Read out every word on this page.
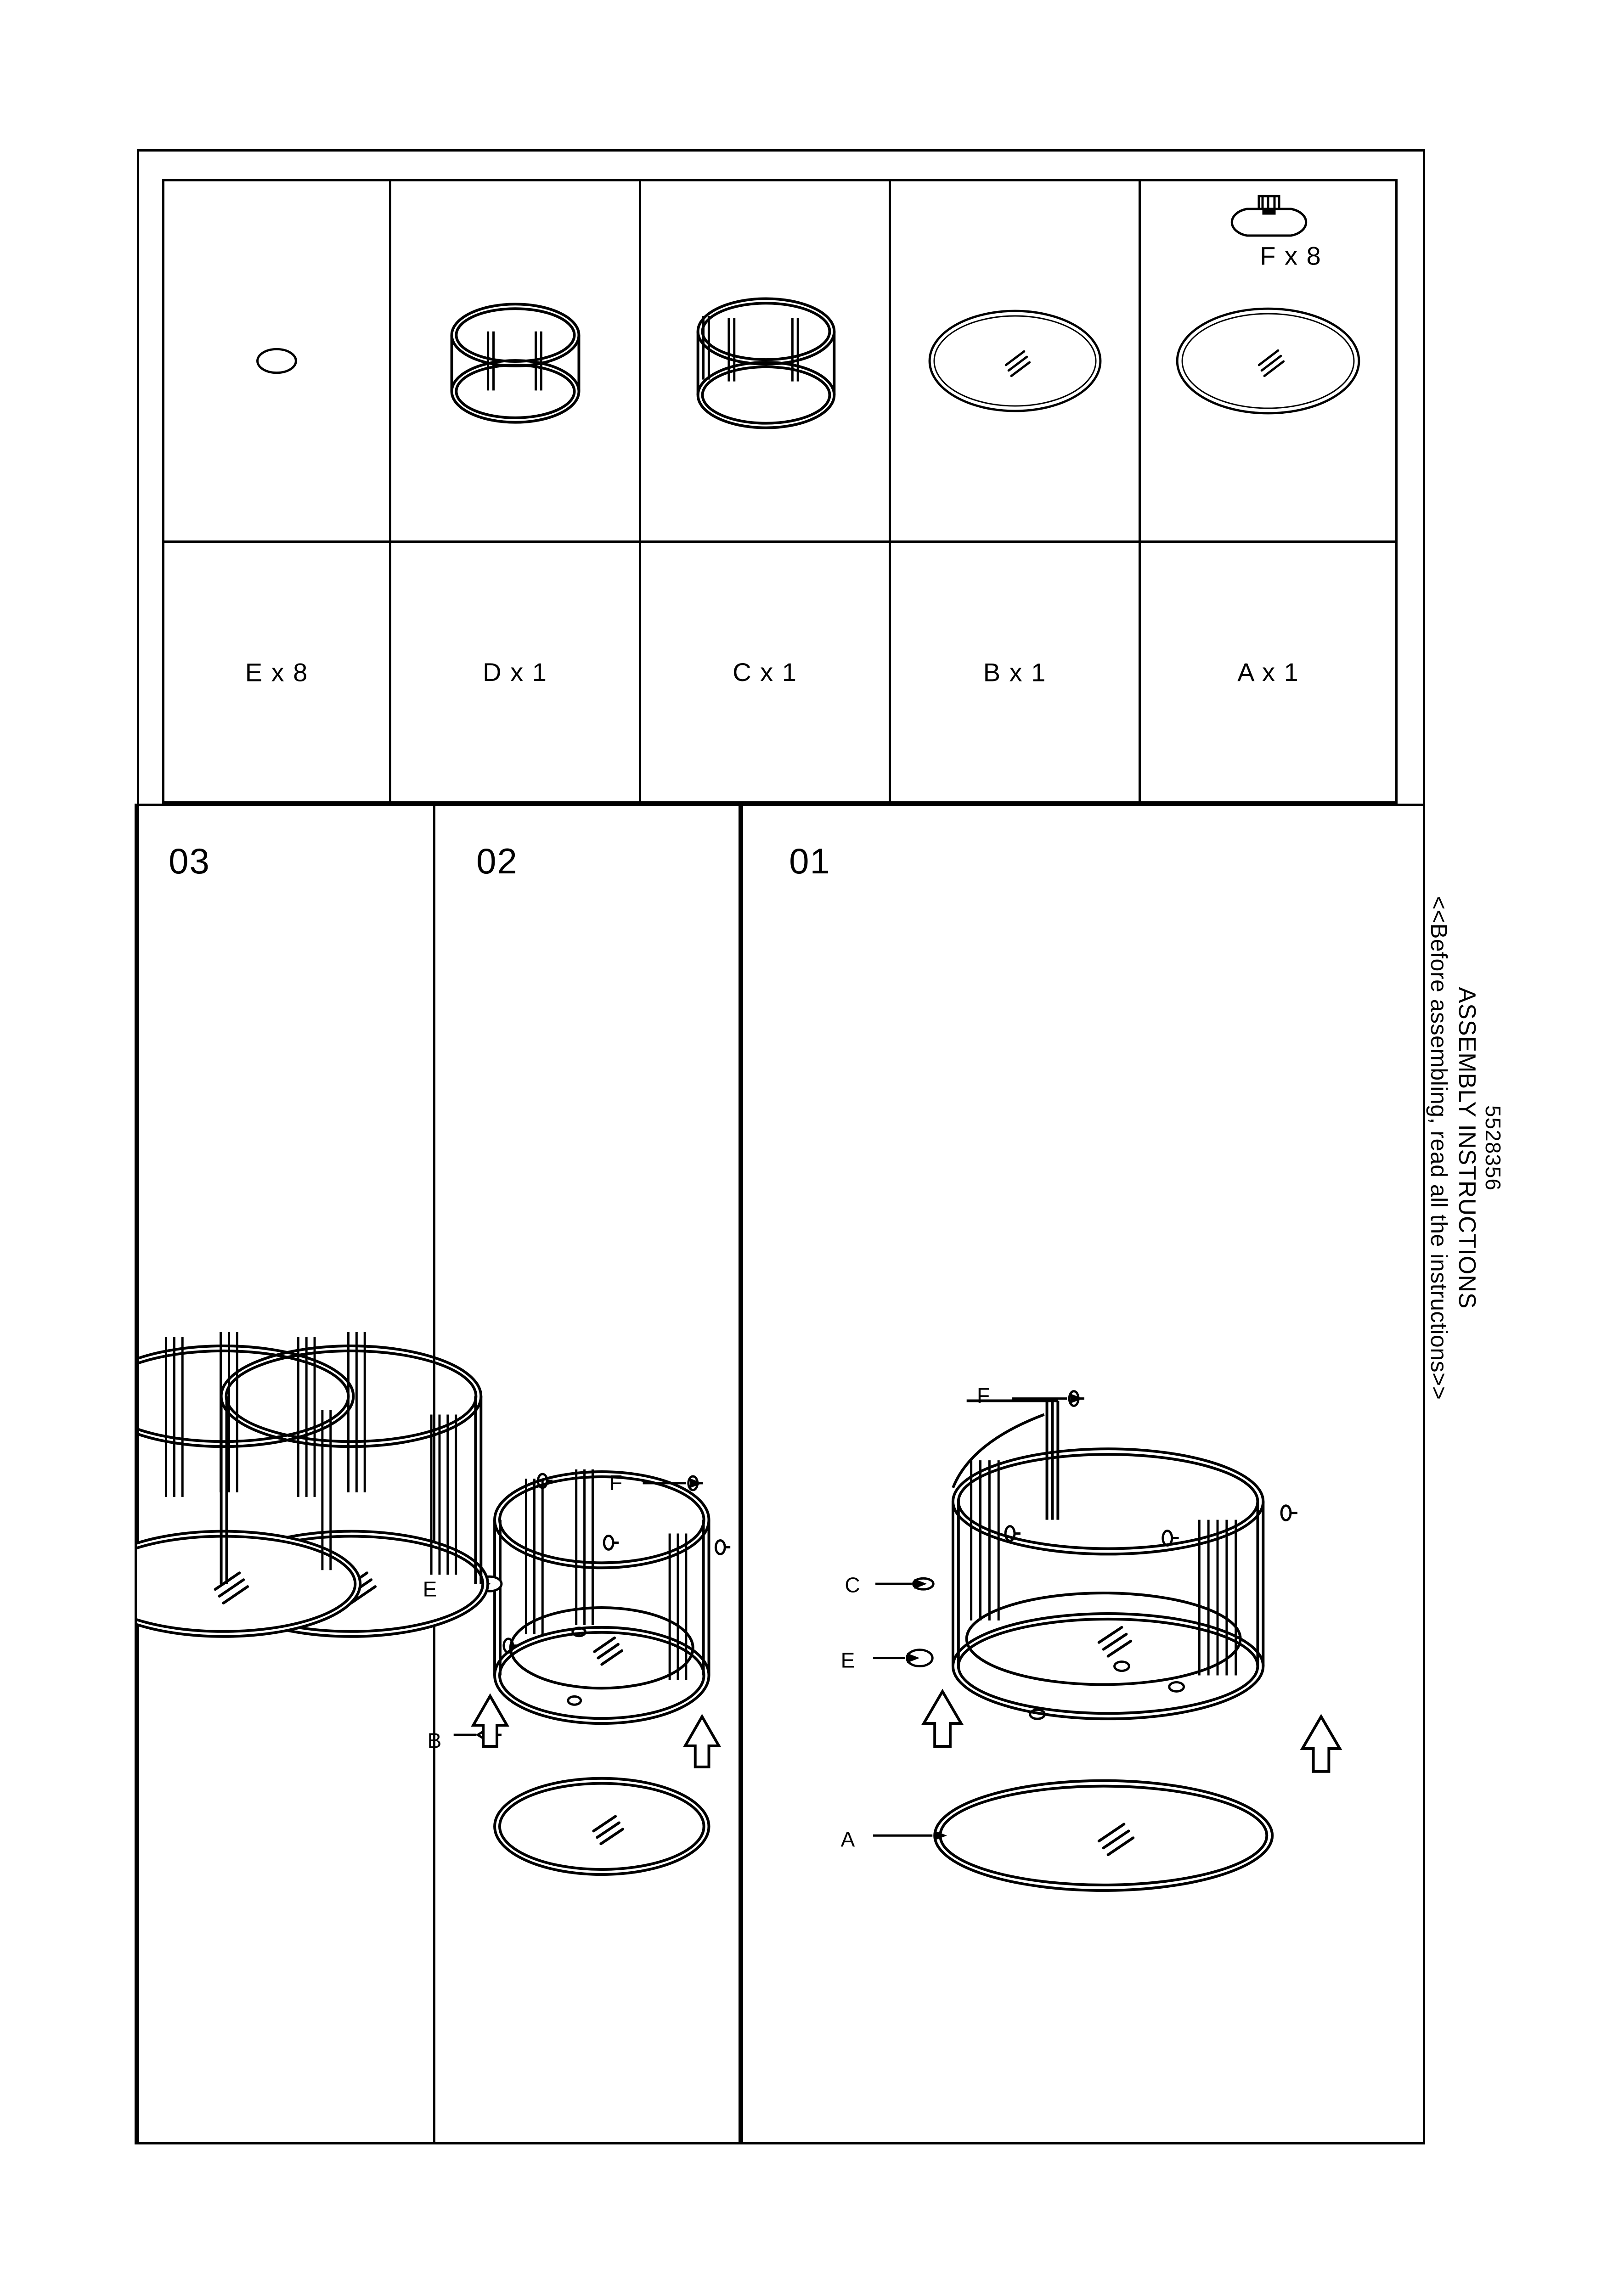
5528356
ASSEMBLY INSTRUCTIONS
<<Before assembling, read all the instructions>>
A x 1
B x 1
C x 1
D x 1
E x 8
F x 8
01
F
C
E
A
02
F
E
B
03
